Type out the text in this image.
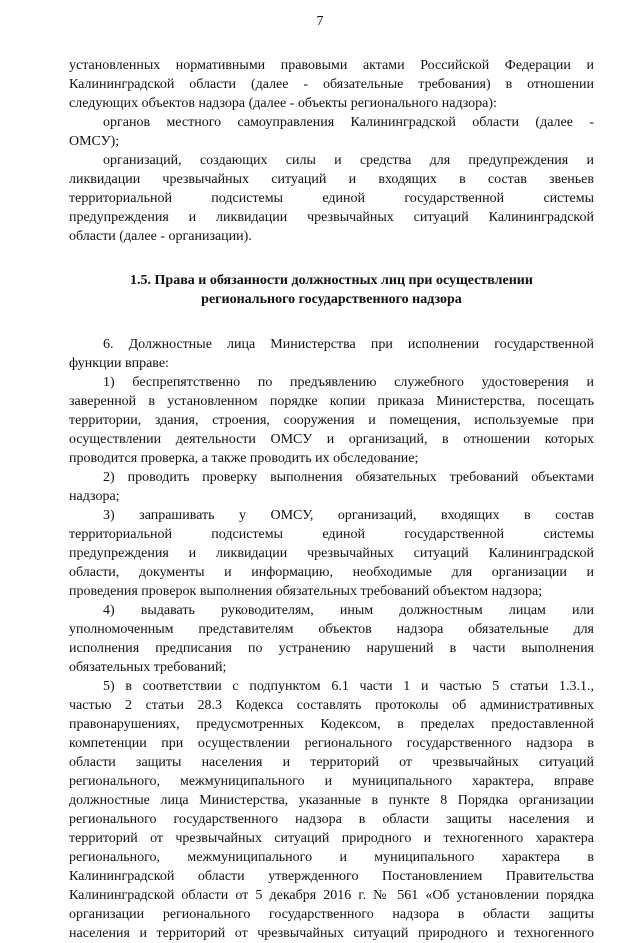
7
установленных нормативными правовыми актами Российской Федерации и
Калининградской области (далее - обязательные требования) в отношении
следующих объектов надзора (далее - объекты регионального надзора):
органов местного самоуправления Калининградской области (далее -
ОМСУ);
организаций, создающих силы и средства для предупреждения и
ликвидации чрезвычайных ситуаций и входящих в состав звеньев
территориальной подсистемы единой государственной системы
предупреждения и ликвидации чрезвычайных ситуаций Калининградской
области (далее - организации).
1.5. Права и обязанности должностных лиц при осуществлении
регионального государственного надзора
6. Должностные лица Министерства при исполнении государственной
функции вправе:
1) беспрепятственно по предъявлению служебного удостоверения и
заверенной в установленном порядке копии приказа Министерства, посещать
территории, здания, строения, сооружения и помещения, используемые при
осуществлении деятельности ОМСУ и организаций, в отношении которых
проводится проверка, а также проводить их обследование;
2) проводить проверку выполнения обязательных требований объектами
надзора;
3) запрашивать у ОМСУ, организаций, входящих в состав
территориальной подсистемы единой государственной системы
предупреждения и ликвидации чрезвычайных ситуаций Калининградской
области, документы и информацию, необходимые для организации и
проведения проверок выполнения обязательных требований объектом надзора;
4) выдавать руководителям, иным должностным лицам или
уполномоченным представителям объектов надзора обязательные для
исполнения предписания по устранению нарушений в части выполнения
обязательных требований;
5) в соответствии с подпунктом 6.1 части 1 и частью 5 статьи 1.3.1.,
частью 2 статьи 28.3 Кодекса составлять протоколы об административных
правонарушениях, предусмотренных Кодексом, в пределах предоставленной
компетенции при осуществлении регионального государственного надзора в
области защиты населения и территорий от чрезвычайных ситуаций
регионального, межмуниципального и муниципального характера, вправе
должностные лица Министерства, указанные в пункте 8 Порядка организации
регионального государственного надзора в области защиты населения и
территорий от чрезвычайных ситуаций природного и техногенного характера
регионального, межмуниципального и муниципального характера в
Калининградской области утвержденного Постановлением Правительства
Калининградской области от 5 декабря 2016 г. № 561 «Об установлении порядка
организации регионального государственного надзора в области защиты
населения и территорий от чрезвычайных ситуаций природного и техногенного
